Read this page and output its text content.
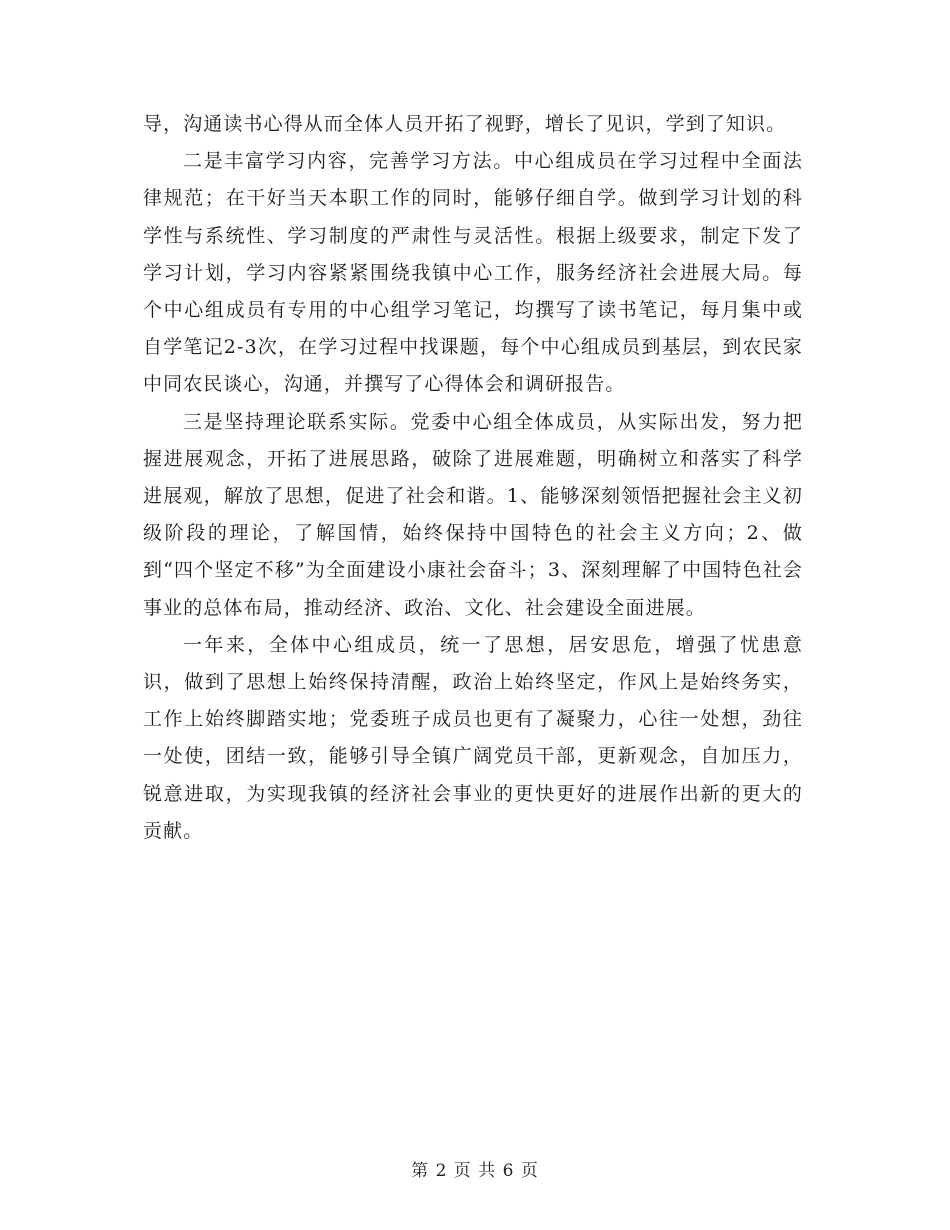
导，沟通读书心得从而全体人员开拓了视野，增长了见识，学到了知识。

二是丰富学习内容，完善学习方法。中心组成员在学习过程中全面法律规范；在干好当天本职工作的同时，能够仔细自学。做到学习计划的科学性与系统性、学习制度的严肃性与灵活性。根据上级要求，制定下发了学习计划，学习内容紧紧围绕我镇中心工作，服务经济社会进展大局。每个中心组成员有专用的中心组学习笔记，均撰写了读书笔记，每月集中或自学笔记2-3次，在学习过程中找课题，每个中心组成员到基层，到农民家中同农民谈心，沟通，并撰写了心得体会和调研报告。

三是坚持理论联系实际。党委中心组全体成员，从实际出发，努力把握进展观念，开拓了进展思路，破除了进展难题，明确树立和落实了科学进展观，解放了思想，促进了社会和谐。1、能够深刻领悟把握社会主义初级阶段的理论，了解国情，始终保持中国特色的社会主义方向；2、做到“四个坚定不移”为全面建设小康社会奋斗；3、深刻理解了中国特色社会事业的总体布局，推动经济、政治、文化、社会建设全面进展。

一年来，全体中心组成员，统一了思想，居安思危，增强了忧患意识，做到了思想上始终保持清醒，政治上始终坚定，作风上是始终务实，工作上始终脚踏实地；党委班子成员也更有了凝聚力，心往一处想，劲往一处使，团结一致，能够引导全镇广阔党员干部，更新观念，自加压力，锐意进取，为实现我镇的经济社会事业的更快更好的进展作出新的更大的贡献。

第 2 页 共 6 页
